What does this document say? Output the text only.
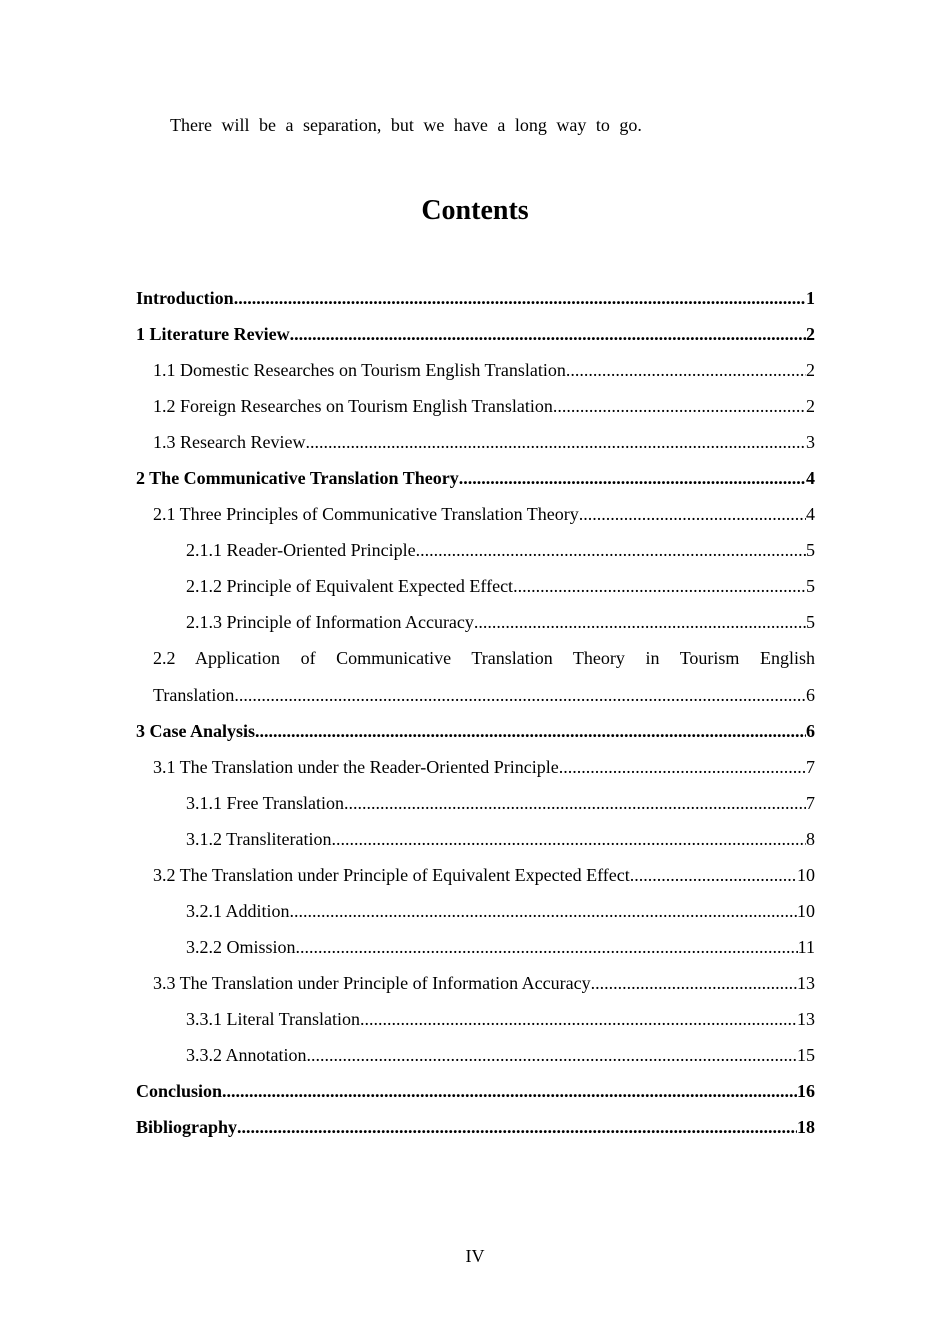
There will be a separation, but we have a long way to go.
Contents
Introduction .....	1
1 Literature Review .....	2
1.1 Domestic Researches on Tourism English Translation .....	2
1.2 Foreign Researches on Tourism English Translation .....	2
1.3 Research Review .....	3
2 The Communicative Translation Theory .....	4
2.1 Three Principles of Communicative Translation Theory .....	4
2.1.1 Reader-Oriented Principle .....	5
2.1.2 Principle of Equivalent Expected Effect .....	5
2.1.3 Principle of Information Accuracy .....	5
2.2 Application of Communicative Translation Theory in Tourism English
Translation .....	6
3 Case Analysis .....	6
3.1 The Translation under the Reader-Oriented Principle .....	7
3.1.1 Free Translation .....	7
3.1.2 Transliteration .....	8
3.2 The Translation under Principle of Equivalent Expected Effect .....	10
3.2.1 Addition .....	10
3.2.2 Omission .....	11
3.3 The Translation under Principle of Information Accuracy .....	13
3.3.1 Literal Translation .....	13
3.3.2 Annotation .....	15
Conclusion .....	16
Bibliography .....	18
IV
